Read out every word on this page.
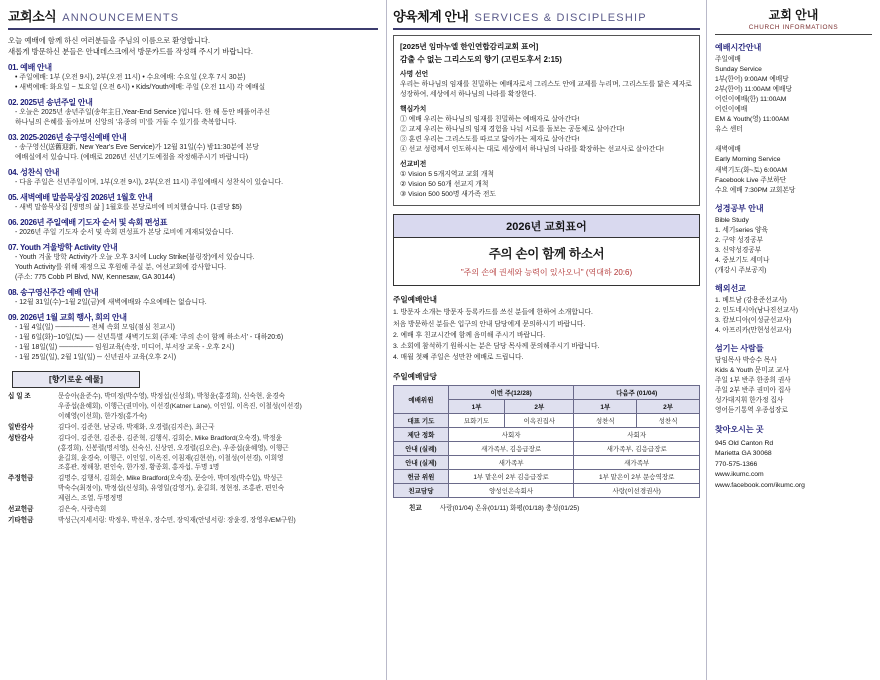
교회소식 ANNOUNCEMENTS
오늘 예배에 함께 하신 여러분들을 주님의 이름으로 환영합니다.
새롭게 방문하신 분들은 안내데스크에서 방문카드를 작성해 주시기 바랍니다.
01. 예배 안내
• 주일예배: 1부 (오전 9시), 2부(오전 11시) • 수요예배: 수요일 (오후 7시 30분)
• 새벽예배: 화요일 ~ 토요일 (오전 6시) • Kids/Youth예배: 주일 (오전 11시) 각 예배실
02. 2025년 송년주일 안내
- 오늘은 2025년 송년주일(송年主日,Year-End Service )입니다. 한 해 동안 베풀어주신
하나님의 은혜를 돌아보며 신앙의 '유종의 미'를 거둘 수 있기를 축복합니다.
03. 2025-2026년 송구영신예배 안내
- 송구영신(送舊迎新, New Year's Eve Service)가 12월 31일(수) 밤11:30분에 본당
예배실에서 있습니다. (예배로 2026년 신년기도예절을 작정해주시기 바랍니다)
04. 성찬식 안내
- 다음 주일은 신년주일이며, 1부(오전 9시), 2부(오전 11시) 주일예배시 성찬식이 있습니다.
05. 새벽예배 말씀묵상집 2026년 1월호 안내
- 새벽 말씀묵상집 [생명의 삶 ] 1월호를 본당로비에 비치했습니다. (1권당 $5)
06. 2026년 주일예배 기도자 순서 및 속회 편성표
- 2026년 주일 기도자 순서 및 속회 편성표가 본당 로비에 게재되었습니다.
07. Youth 겨울방학 Activity 안내
- Youth 겨울 방학 Activity가 오늘 오후 3시에 Lucky Strike(불링장)에서 있습니다.
Youth Activity를 위해 재정으로 후원해 주실 분, 여선교회에 감사합니다.
(주소: 775 Cobb Pl Blvd, NW, Kennesaw, GA 30144)
08. 송구영신주간 예배 안내
- 12월 31일(수)~1월 2일(금)에 새벽예배와 수요예배는 없습니다.
09. 2026년 1월 교회 행사, 회의 안내
- 1월 4일(일) ─────── 전체 속회 모임(점심 친교시)
- 1월 6일(화)~10일(토) ── 신년특별 새벽기도회 (주제: '주의 손이 함께 하소서' - 대하20:6)
- 1월 18일(일) ─────── 임원교육(속장, 미디어, 부서장 교육 - 오후 2시)
- 1월 25일(일), 2월 1일(일) ─ 신년권사 교육(오후 2시)
[향기로운 예물]
십 일 조	문승아(윤준수), 박미정(박수영), 박정섭(신성희), 박청윤(홍경희), 신숙현, 윤경숙
우종섭(윤혜회), 이행근(권미아), 이선경(Katner Lane), 이인일, 이옥진, 이철성(이선경)
이혜영(이선희), 한가정(홍가숙)
일반감사	김다이, 김준현, 남궁라, 박재화, 오경렬(김지은), 최근국
성탄감사	김다이, 김준현, 김준용, 김준혁, 김행식, 김희순, Mike Bradford(오숙경), 박정윤
(홍경희), 신봉렬(명서영), 신숙신, 신상연, 오경렬(김오은), 우종섭(윤혜영), 이행근
윤길희, 윤경숙, 이행근, 이인일, 이옥진, 이침재(김현선), 이철성(이선경), 이희영
조홍관, 정해창, 편인숙, 한가정, 황종회, 홍자섭, 두명 1명
주정헌금	김명수, 김행식, 김희순, Mike Bradford(오숙경), 문승아, 박미정(박수입), 박성근
박숙수(최정이), 박정섭(신성희), 유영일(감영거), 윤길희, 정현정, 조홍관, 편인숙
제럼스, 조열, 두명정명
선교헌금	김은숙, 사랑속회
기타헌금	박성근(지세서링: 박정우, 박선우, 장수민, 장익재(안녕서링: 장윤경, 장영우/EM구원)
양육체계 안내 SERVICES & DISCIPLESHIP
[2025년 임마누엘 한인연합감리교회 표어]
감출 수 없는 그리스도의 향기 (고린도후서 2:15)
사명 선언

우리는 하나님의 임재를 친밀하는 예배자로서 그리스도 안에 교제를 누리며, 그리스도를 닮은 제자로 성장하여, 세상에서 하나님의 나라를 확장한다.

핵심가치
① 예배 우리는 하나님의 임재를 친밀하는 예배자로 살아간다!
② 교제 우리는 하나님의 임재 경험을 나눠 서로를 돌보는 공동체로 살아간다!
③ 훈련 우리는 그리스도를 따르고 닮아가는 제자로 살아간다!
④ 선교 성령께서 인도하시는 대로 세상에서 하나님의 나라를 확장하는 선교사로 살아간다!
선교비전
① Vision 5 5개지역교 교회 개척
② Vision 50 50개 선교지 개척
③ Vision 500 500명 새가족 전도
2026년 교회표어
주의 손이 함께 하소서
"주의 손에 권세와 능력이 있사오니" (역대하 20:6)
주일예배안내
1. 방문자 소개는 방문자 등록카드를 쓰신 분들에 한하여 소개합니다.
처음 방문하신 분들은 입구의 안내 담당에게 문의하시기 바랍니다.
2. 예배 후 친교시간에 함께 음미해 주시기 바랍니다.
3. 소회에 참석하기 원하시는 분은 담당 목사께 문의해주시기 바랍니다.
4. 매월 첫째 주일은 성만찬 예배로 드립니다.
주일예배담당
예배위원	이번 주(12/28)		다음주 (01/04)	
	1부	2부	1부	2부
대표 기도	묘화기도	이옥진집사	성찬식	성찬식
제단 정화	사회자		사회자	
안내 (실례)	새가족부, 김응급장로		새가족부, 김응급장로	
안내 (실제)	새가족부		새가족부	
헌금 위원	1부 맡은이 2부 김응급장로		1부 맡은이 2부 문승역장로	
친교담당	양성인은속회사		사랑(이선경권사)	
친교	사랑(01/04) 온유(01/11) 화평(01/18) 충성(01/25)
교회 안내
CHURCH INFORMATIONS
예배시간안내
주일예배
Sunday Service
1부(한어) 9:00AM 예배당
2부(한어) 11:00AM 예배당
어린이예배(한) 11:00AM
어린이예배
EM & Youth(영) 11:00AM
유스 센터

새벽예배
Early Morning Service
새벽기도(화~토) 6:00AM
Facebook Live 주보하단
수요 예배 7:30PM 교회본당
성경공부 안내
Bible Study
1. 세기series 양육
2. 구약 성경공부
3. 신약성경공부
4. 중보기도 세미나
(개강시 주보공지)
해외선교
1. 베트남 (강용준선교사)
2. 인도네시아(남나진선교사)
3. 캄보디아(이성균선교사)
4. 아프리카(만현성선교사)
섬기는 사람들
담임목사 박승수 목사
Kids & Youth 문미교 교사
주일 1부 반주 한종희 권사
주일 2부 반주 권미아 집사
성가대지휘 한가정 집사
영어듣기통역 우종섭장로
찾아오시는 곳
945 Old Canton Rd
Marietta GA 30068
770-575-1366
www.ikumc.com
www.facebook.com/ikumc.org
